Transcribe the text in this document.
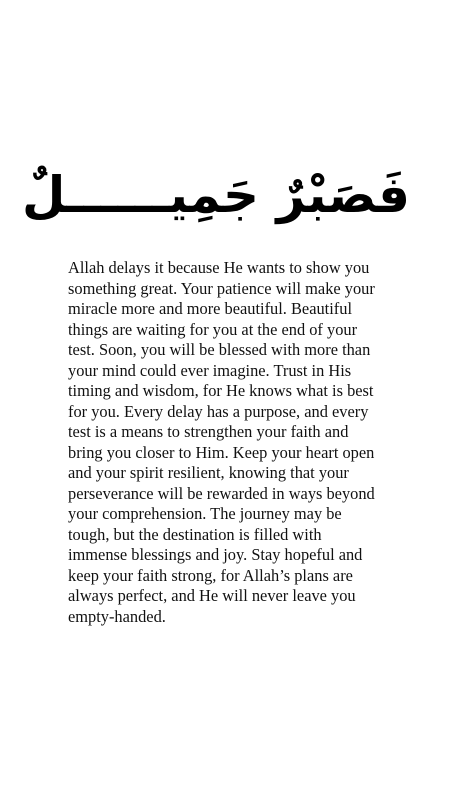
فَصَبْرٌ جَمِيــــــلٌ

Allah delays it because He wants to show you
something great. Your patience will make your
miracle more and more beautiful. Beautiful
things are waiting for you at the end of your
test. Soon, you will be blessed with more than
your mind could ever imagine. Trust in His
timing and wisdom, for He knows what is best
for you. Every delay has a purpose, and every
test is a means to strengthen your faith and
bring you closer to Him. Keep your heart open
and your spirit resilient, knowing that your
perseverance will be rewarded in ways beyond
your comprehension. The journey may be
tough, but the destination is filled with
immense blessings and joy. Stay hopeful and
keep your faith strong, for Allah’s plans are
always perfect, and He will never leave you
empty-handed.
